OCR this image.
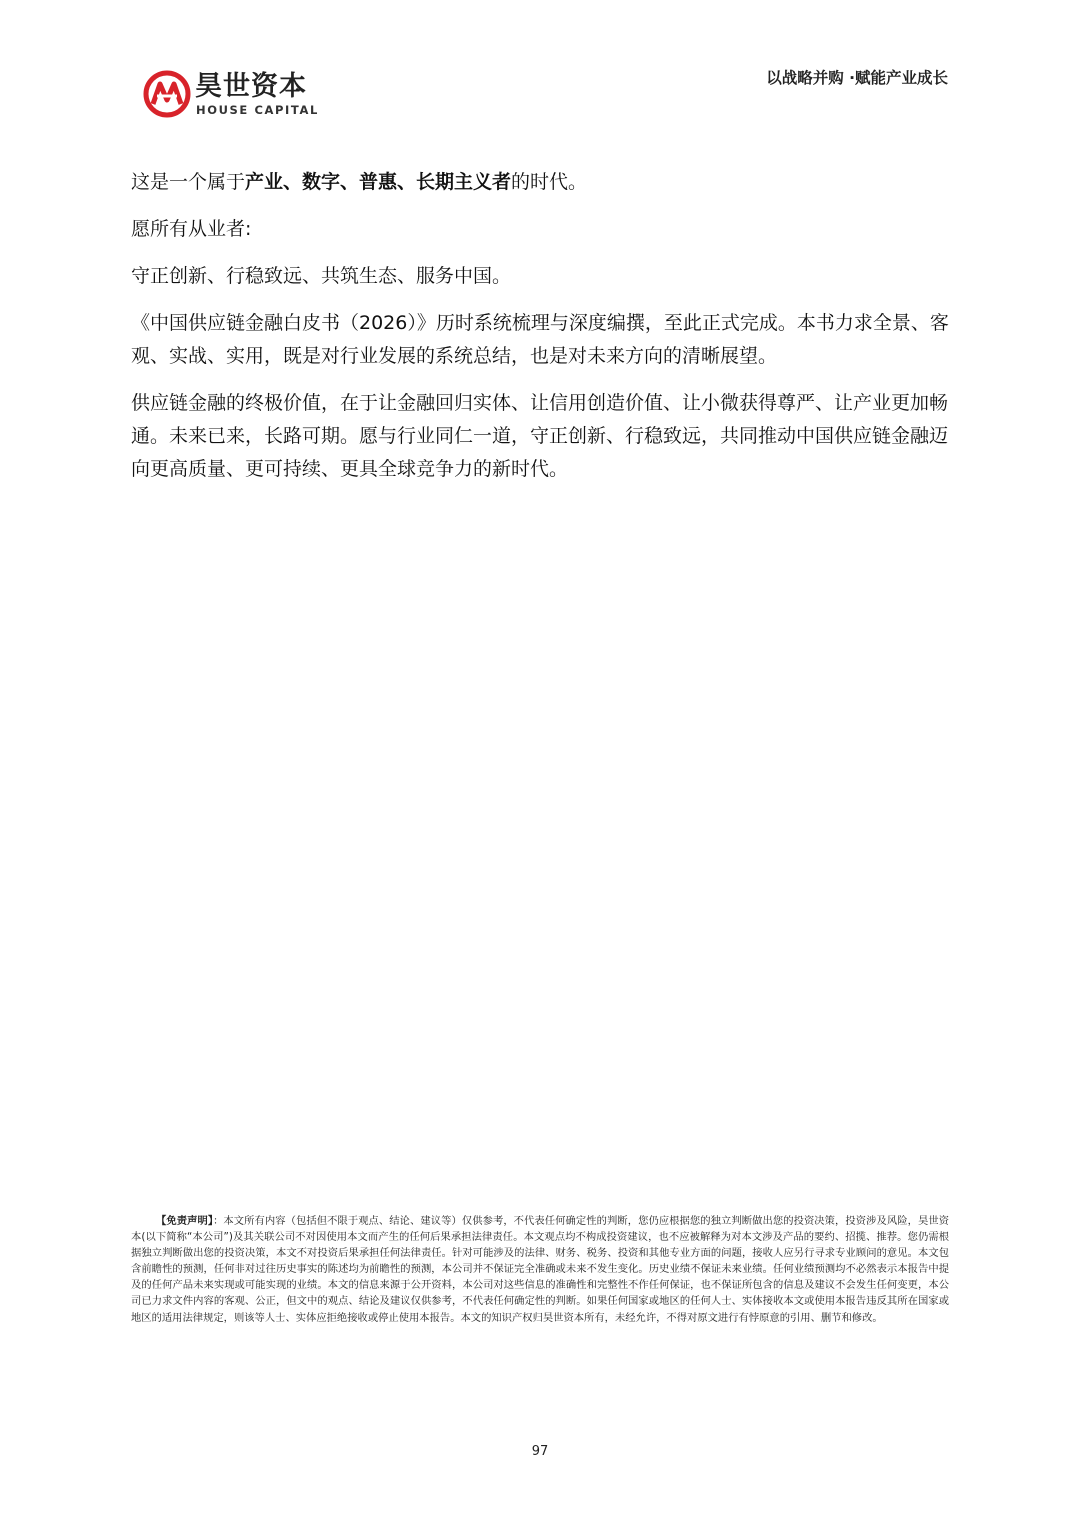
昊世资本
HOUSE CAPITAL
以战略并购 ·赋能产业成长

这是一个属于产业、数字、普惠、长期主义者的时代。

愿所有从业者:

守正创新、行稳致远、共筑生态、服务中国。

《中国供应链金融白皮书（2026）》历时系统梳理与深度编撰，至此正式完成。本书力求全景、客观、实战、实用，既是对行业发展的系统总结，也是对未来方向的清晰展望。

供应链金融的终极价值，在于让金融回归实体、让信用创造价值、让小微获得尊严、让产业更加畅通。未来已来，长路可期。愿与行业同仁一道，守正创新、行稳致远，共同推动中国供应链金融迈向更高质量、更可持续、更具全球竞争力的新时代。

【免责声明】：本文所有内容（包括但不限于观点、结论、建议等）仅供参考，不代表任何确定性的判断，您仍应根据您的独立判断做出您的投资决策，投资涉及风险，昊世资本(以下简称“本公司”)及其关联公司不对因使用本文而产生的任何后果承担法律责任。本文观点均不构成投资建议，也不应被解释为对本文涉及产品的要约、招揽、推荐。您仍需根据独立判断做出您的投资决策，本文不对投资后果承担任何法律责任。针对可能涉及的法律、财务、税务、投资和其他专业方面的问题，接收人应另行寻求专业顾问的意见。本文包含前瞻性的预测，任何非对过往历史事实的陈述均为前瞻性的预测，本公司并不保证完全准确或未来不发生变化。历史业绩不保证未来业绩。任何业绩预测均不必然表示本报告中提及的任何产品未来实现或可能实现的业绩。本文的信息来源于公开资料，本公司对这些信息的准确性和完整性不作任何保证，也不保证所包含的信息及建议不会发生任何变更，本公司已力求文件内容的客观、公正，但文中的观点、结论及建议仅供参考，不代表任何确定性的判断。如果任何国家或地区的任何人士、实体接收本文或使用本报告违反其所在国家或地区的适用法律规定，则该等人士、实体应拒绝接收或停止使用本报告。本文的知识产权归昊世资本所有，未经允许，不得对原文进行有悖原意的引用、删节和修改。
97
